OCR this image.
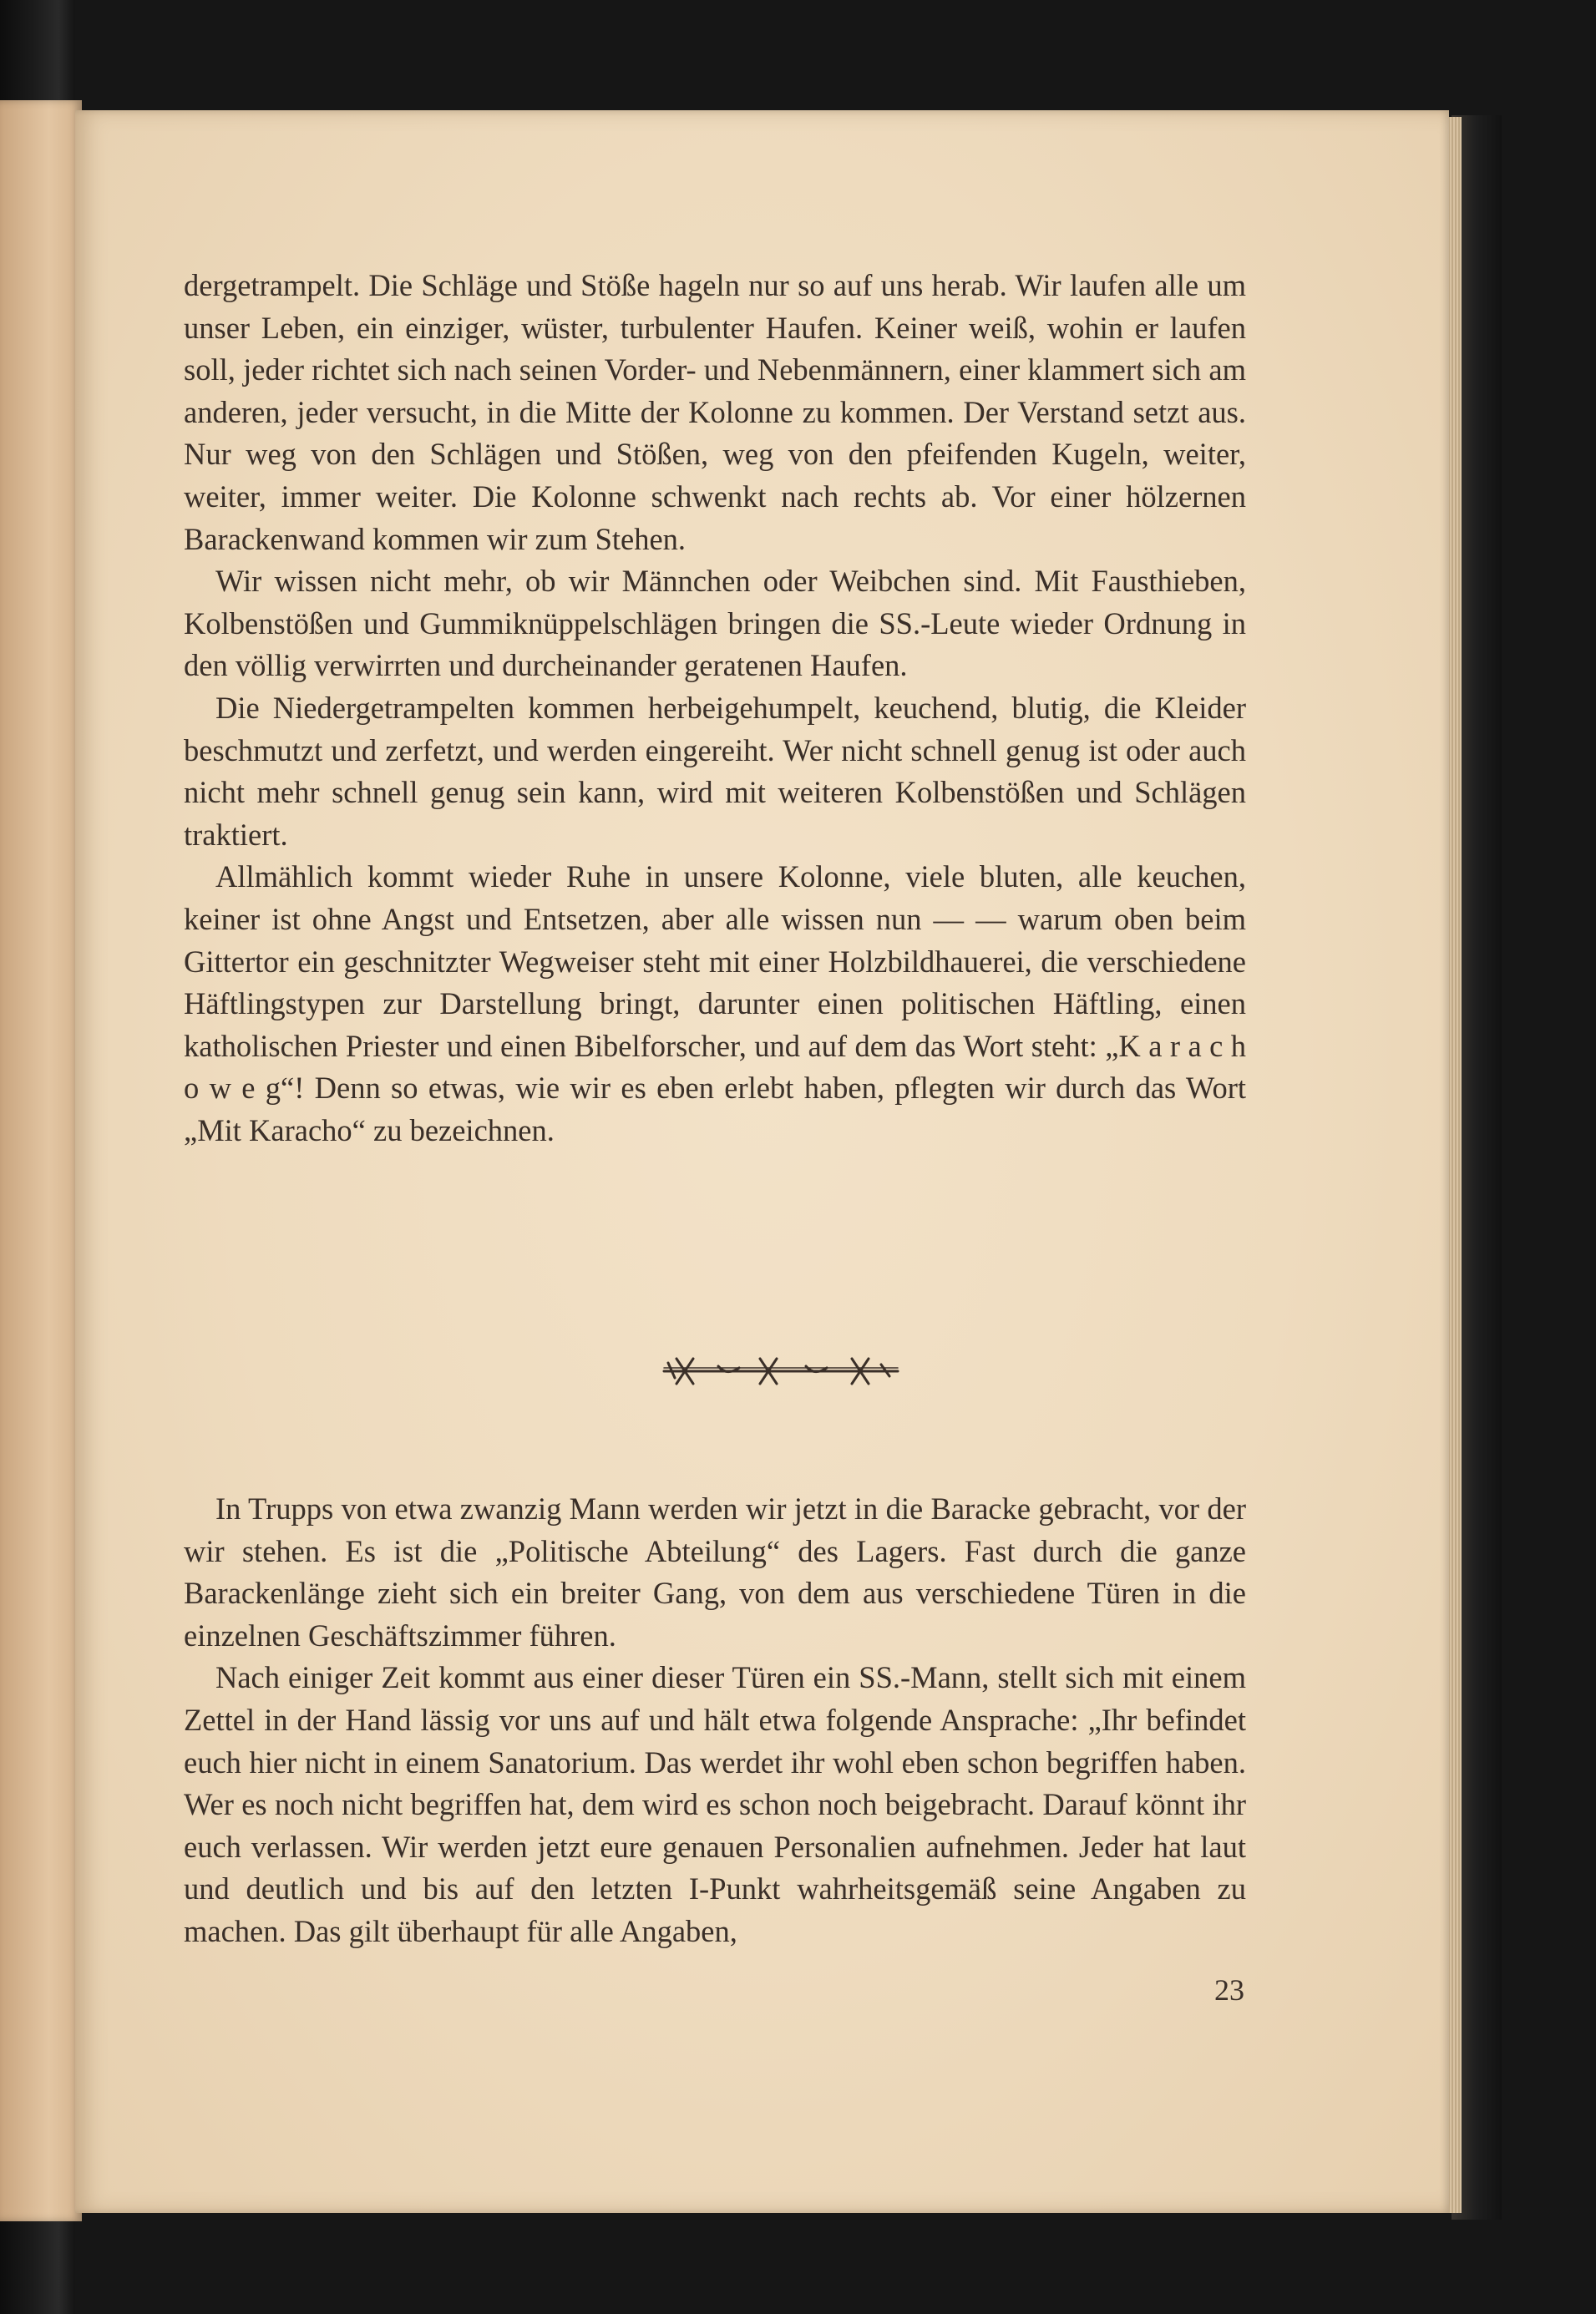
dergetrampelt. Die Schläge und Stöße hageln nur so auf uns herab. Wir laufen alle um unser Leben, ein einziger, wüster, turbulenter Haufen. Keiner weiß, wohin er laufen soll, jeder richtet sich nach seinen Vorder- und Nebenmännern, einer klammert sich am anderen, jeder versucht, in die Mitte der Kolonne zu kommen. Der Verstand setzt aus. Nur weg von den Schlägen und Stößen, weg von den pfeifenden Kugeln, weiter, weiter, immer weiter. Die Kolonne schwenkt nach rechts ab. Vor einer hölzernen Barackenwand kommen wir zum Stehen.

Wir wissen nicht mehr, ob wir Männchen oder Weibchen sind. Mit Fausthieben, Kolbenstößen und Gummiknüppelschlägen bringen die SS.-Leute wieder Ordnung in den völlig verwirrten und durcheinander geratenen Haufen.

Die Niedergetrampelten kommen herbeigehumpelt, keuchend, blutig, die Kleider beschmutzt und zerfetzt, und werden eingereiht. Wer nicht schnell genug ist oder auch nicht mehr schnell genug sein kann, wird mit weiteren Kolbenstößen und Schlägen traktiert.

Allmählich kommt wieder Ruhe in unsere Kolonne, viele bluten, alle keuchen, keiner ist ohne Angst und Entsetzen, aber alle wissen nun — — warum oben beim Gittertor ein geschnitzter Wegweiser steht mit einer Holzbildhauerei, die verschiedene Häftlingstypen zur Darstellung bringt, darunter einen politischen Häftling, einen katholischen Priester und einen Bibelforscher, und auf dem das Wort steht: „K a r a c h o w e g“! Denn so etwas, wie wir es eben erlebt haben, pflegten wir durch das Wort „Mit Karacho“ zu bezeichnen.

In Trupps von etwa zwanzig Mann werden wir jetzt in die Baracke gebracht, vor der wir stehen. Es ist die „Politische Abteilung“ des Lagers. Fast durch die ganze Barackenlänge zieht sich ein breiter Gang, von dem aus verschiedene Türen in die einzelnen Geschäftszimmer führen.

Nach einiger Zeit kommt aus einer dieser Türen ein SS.-Mann, stellt sich mit einem Zettel in der Hand lässig vor uns auf und hält etwa folgende Ansprache: „Ihr befindet euch hier nicht in einem Sanatorium. Das werdet ihr wohl eben schon begriffen haben. Wer es noch nicht begriffen hat, dem wird es schon noch beigebracht. Darauf könnt ihr euch verlassen. Wir werden jetzt eure genauen Personalien aufnehmen. Jeder hat laut und deutlich und bis auf den letzten I-Punkt wahrheitsgemäß seine Angaben zu machen. Das gilt überhaupt für alle Angaben,

23
